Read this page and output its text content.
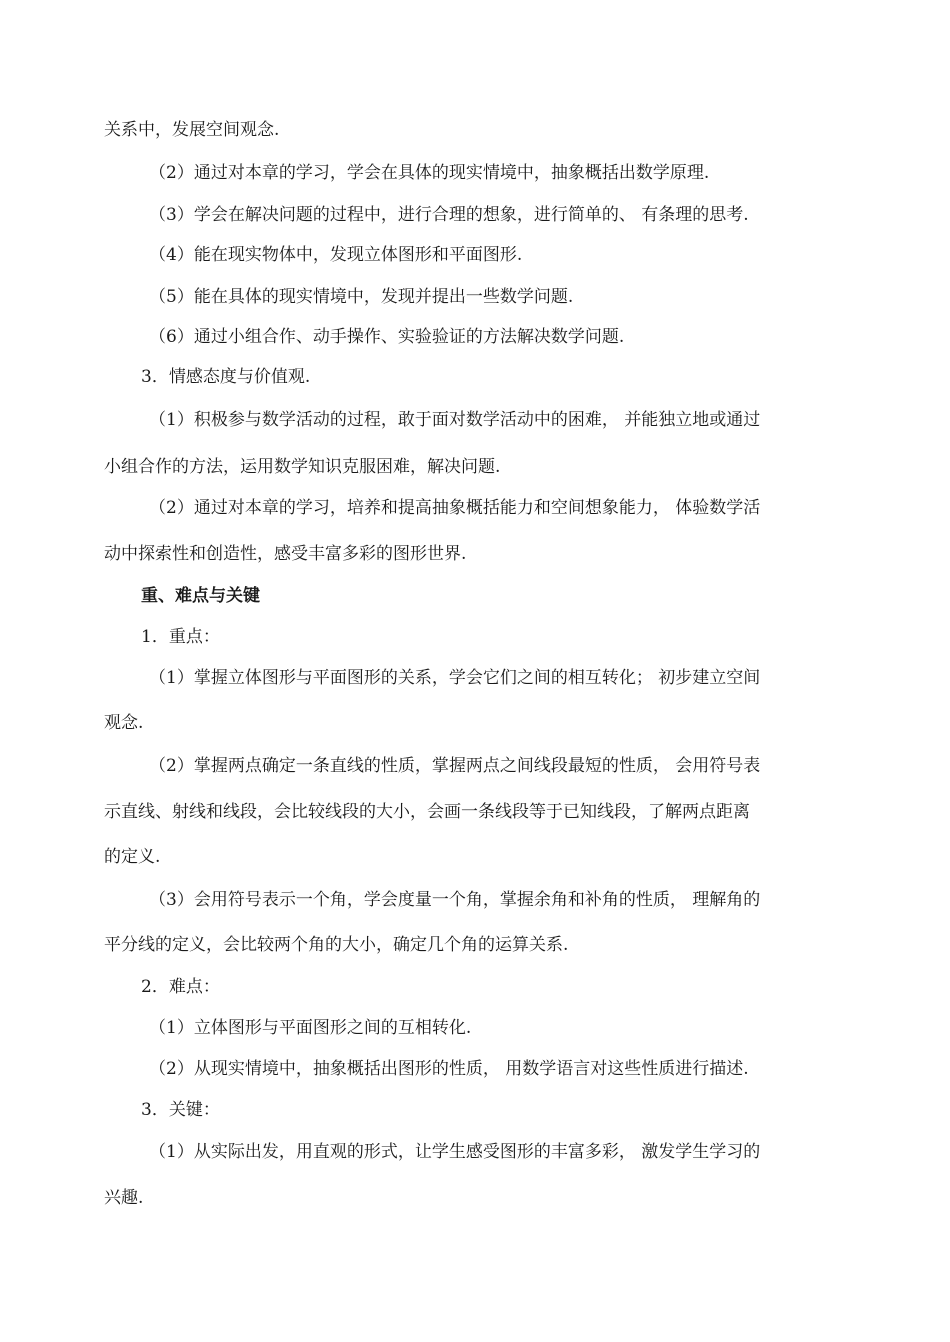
关系中，发展空间观念.
（2）通过对本章的学习，学会在具体的现实情境中，抽象概括出数学原理.
（3）学会在解决问题的过程中，进行合理的想象，进行简单的、 有条理的思考.
（4）能在现实物体中，发现立体图形和平面图形.
（5）能在具体的现实情境中，发现并提出一些数学问题.
（6）通过小组合作、动手操作、实验验证的方法解决数学问题.
3．情感态度与价值观.
（1）积极参与数学活动的过程，敢于面对数学活动中的困难， 并能独立地或通过
小组合作的方法，运用数学知识克服困难，解决问题.
（2）通过对本章的学习，培养和提高抽象概括能力和空间想象能力， 体验数学活
动中探索性和创造性，感受丰富多彩的图形世界.
重、难点与关键
1．重点：
（1）掌握立体图形与平面图形的关系，学会它们之间的相互转化； 初步建立空间
观念.
（2）掌握两点确定一条直线的性质，掌握两点之间线段最短的性质， 会用符号表
示直线、射线和线段，会比较线段的大小，会画一条线段等于已知线段，了解两点距离
的定义.
（3）会用符号表示一个角，学会度量一个角，掌握余角和补角的性质， 理解角的
平分线的定义，会比较两个角的大小，确定几个角的运算关系.
2．难点：
（1）立体图形与平面图形之间的互相转化.
（2）从现实情境中，抽象概括出图形的性质， 用数学语言对这些性质进行描述.
3．关键：
（1）从实际出发，用直观的形式，让学生感受图形的丰富多彩， 激发学生学习的
兴趣.
